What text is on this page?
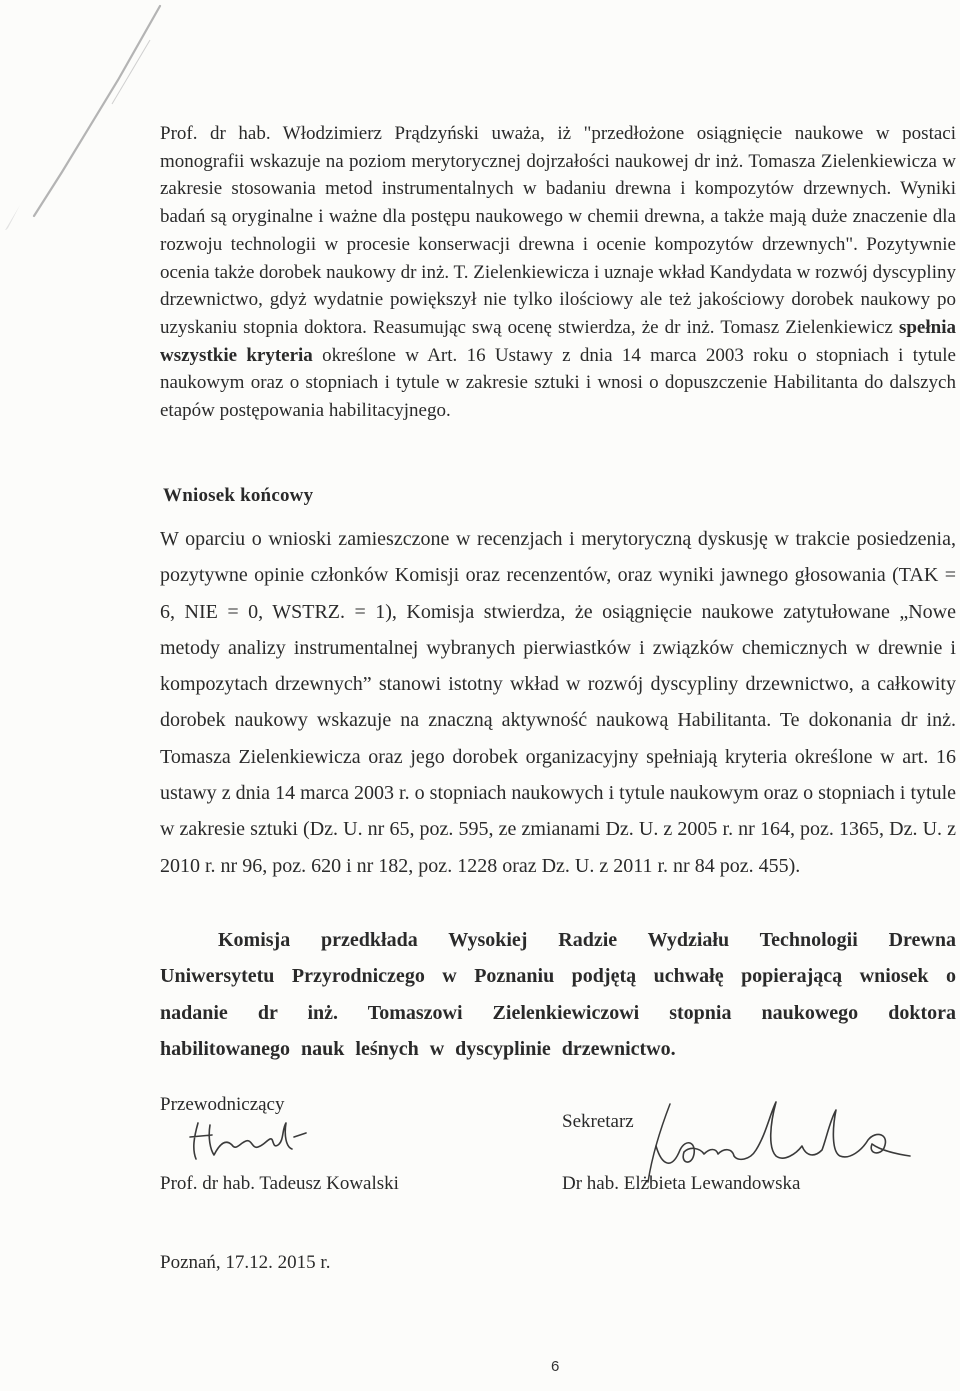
Prof. dr hab. Włodzimierz Prądzyński uważa, iż "przedłożone osiągnięcie naukowe w postaci monografii wskazuje na poziom merytorycznej dojrzałości naukowej dr inż. Tomasza Zielenkiewicza w zakresie stosowania metod instrumentalnych w badaniu drewna i kompozytów drzewnych. Wyniki badań są oryginalne i ważne dla postępu naukowego w chemii drewna, a także mają duże znaczenie dla rozwoju technologii w procesie konserwacji drewna i ocenie kompozytów drzewnych". Pozytywnie ocenia także dorobek naukowy dr inż. T. Zielenkiewicza i uznaje wkład Kandydata w rozwój dyscypliny drzewnictwo, gdyż wydatnie powiększył nie tylko ilościowy ale też jakościowy dorobek naukowy po uzyskaniu stopnia doktora. Reasumując swą ocenę stwierdza, że dr inż. Tomasz Zielenkiewicz spełnia wszystkie kryteria określone w Art. 16 Ustawy z dnia 14 marca 2003 roku o stopniach i tytule naukowym oraz o stopniach i tytule w zakresie sztuki i wnosi o dopuszczenie Habilitanta do dalszych etapów postępowania habilitacyjnego.

Wniosek końcowy

W oparciu o wnioski zamieszczone w recenzjach i merytoryczną dyskusję w trakcie posiedzenia, pozytywne opinie członków Komisji oraz recenzentów, oraz wyniki jawnego głosowania (TAK = 6, NIE = 0, WSTRZ. = 1), Komisja stwierdza, że osiągnięcie naukowe zatytułowane „Nowe metody analizy instrumentalnej wybranych pierwiastków i związków chemicznych w drewnie i kompozytach drzewnych” stanowi istotny wkład w rozwój dyscypliny drzewnictwo, a całkowity dorobek naukowy wskazuje na znaczną aktywność naukową Habilitanta. Te dokonania dr inż. Tomasza Zielenkiewicza oraz jego dorobek organizacyjny spełniają kryteria określone w art. 16 ustawy z dnia 14 marca 2003 r. o stopniach naukowych i tytule naukowym oraz o stopniach i tytule w zakresie sztuki (Dz. U. nr 65, poz. 595, ze zmianami Dz. U. z 2005 r. nr 164, poz. 1365, Dz. U. z 2010 r. nr 96, poz. 620 i nr 182, poz. 1228 oraz Dz. U. z 2011 r. nr 84 poz. 455).

Komisja przedkłada Wysokiej Radzie Wydziału Technologii Drewna Uniwersytetu Przyrodniczego w Poznaniu podjętą uchwałę popierającą wniosek o nadanie dr inż. Tomaszowi Zielenkiewiczowi stopnia naukowego doktora habilitowanego nauk leśnych w dyscyplinie drzewnictwo.

Przewodniczący

Prof. dr hab. Tadeusz Kowalski

Sekretarz

Dr hab. Elżbieta Lewandowska

Poznań, 17.12. 2015 r.

6
